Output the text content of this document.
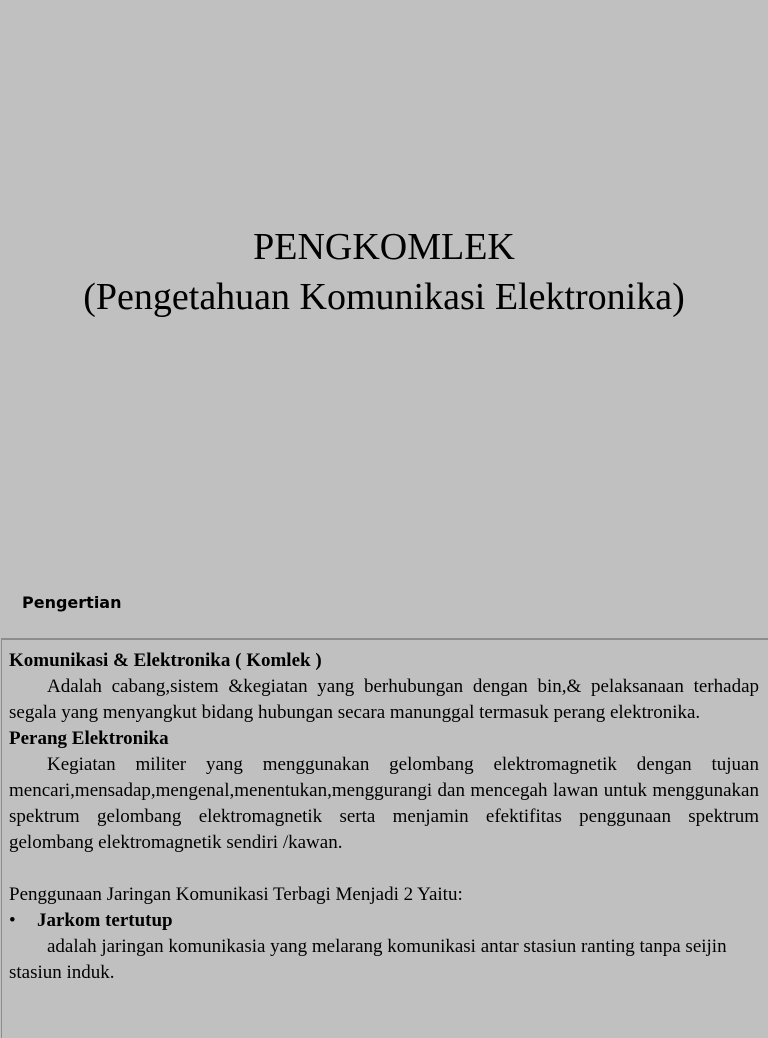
PENGKOMLEK
(Pengetahuan Komunikasi Elektronika)
Pengertian

Komunikasi & Elektronika ( Komlek )

Adalah cabang,sistem &kegiatan yang berhubungan dengan bin,& pelaksanaan terhadap segala yang menyangkut bidang hubungan secara manunggal termasuk perang elektronika.

Perang Elektronika

Kegiatan militer yang menggunakan gelombang elektromagnetik dengan tujuan mencari,mensadap,mengenal,menentukan,menggurangi dan mencegah lawan untuk menggunakan spektrum gelombang elektromagnetik serta menjamin efektifitas penggunaan spektrum gelombang elektromagnetik sendiri /kawan.

Penggunaan Jaringan Komunikasi Terbagi Menjadi 2 Yaitu:

•	Jarkom tertutup

adalah jaringan komunikasia yang melarang komunikasi antar stasiun ranting tanpa seijin stasiun induk.
